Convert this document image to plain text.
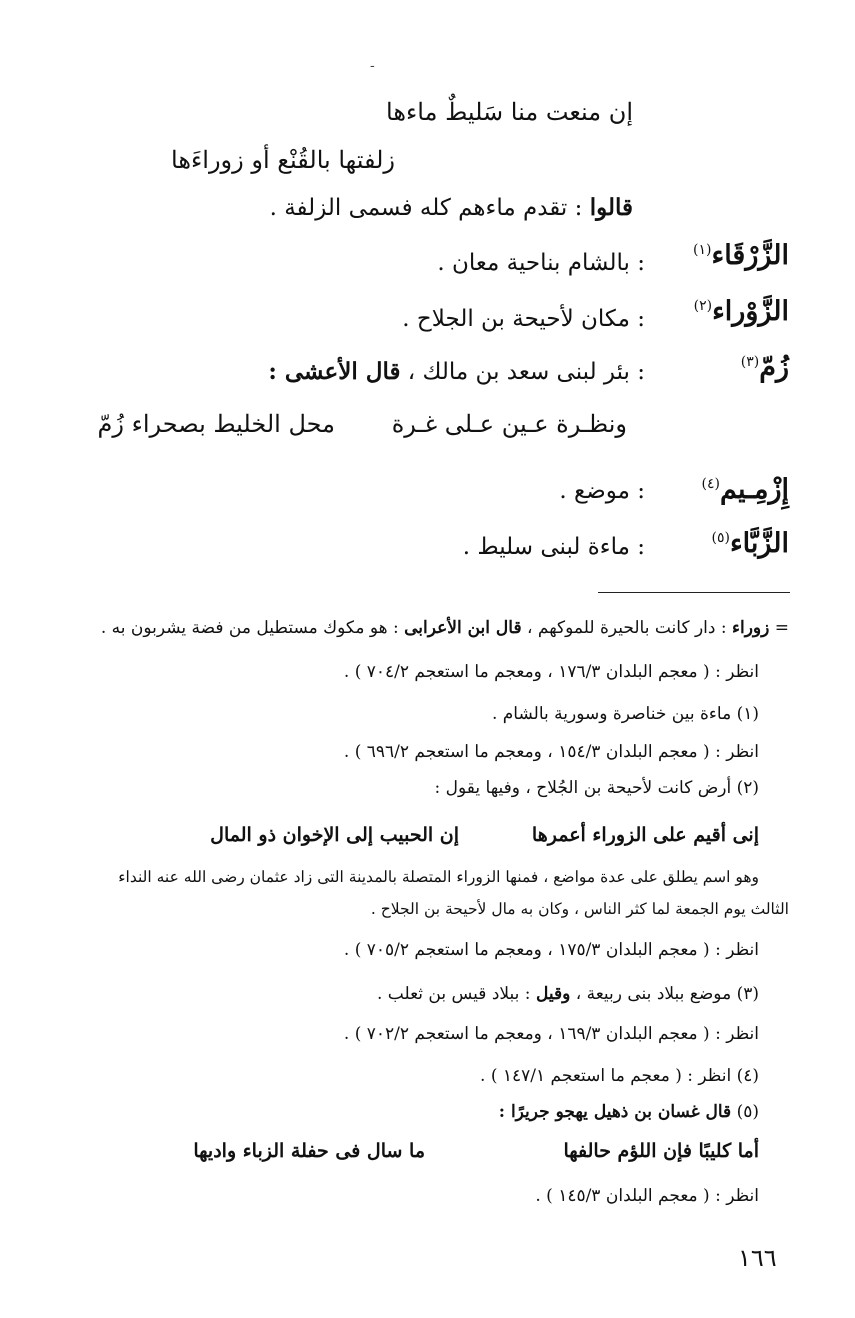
-
إن منعت منا سَليطٌ ماءها
زلفتها بالقُنْع أو زوراءَها
قالوا : تقدم ماءهم كله فسمى الزلفة .
الزَّرْقَاء$^{(١)}$
: بالشام بناحية معان .
الزَّوْراء$^{(٢)}$
: مكان لأحيحة بن الجلاح .
زُمّ$^{(٣)}$
: بئر لبنى سعد بن مالك ، قال الأعشى :
ونظـرة عـين عـلى غـرة
محل الخليط بصحراء زُمّ
إِزْمِـيم$^{(٤)}$
: موضع .
الزَّبَّاء$^{(٥)}$
: ماءة لبنى سليط .
= زوراء : دار كانت بالحيرة للموكهم ، قال ابن الأعرابى : هو مكوك مستطيل من فضة يشربون به .
انظر : ( معجم البلدان ١٧٦/٣ ، ومعجم ما استعجم ٧٠٤/٢ ) .
(١) ماءة بين خناصرة وسورية بالشام .
انظر : ( معجم البلدان ١٥٤/٣ ، ومعجم ما استعجم ٦٩٦/٢ ) .
(٢) أرض كانت لأحيحة بن الجُلاح ، وفيها يقول :
إنى أقيم على الزوراء أعمرها
إن الحبيب إلى الإخوان ذو المال
وهو اسم يطلق على عدة مواضع ، فمنها الزوراء المتصلة بالمدينة التى زاد عثمان رضى الله عنه النداء
الثالث يوم الجمعة لما كثر الناس ، وكان به مال لأحيحة بن الجلاح .
انظر : ( معجم البلدان ١٧٥/٣ ، ومعجم ما استعجم ٧٠٥/٢ ) .
(٣) موضع ببلاد بنى ربيعة ، وقيل : ببلاد قيس بن ثعلب .
انظر : ( معجم البلدان ١٦٩/٣ ، ومعجم ما استعجم ٧٠٢/٢ ) .
(٤) انظر : ( معجم ما استعجم ١٤٧/١ ) .
(٥) قال غسان بن ذهيل يهجو جريرًا :
أما كليبًا فإن اللؤم حالفها
ما سال فى حفلة الزباء واديها
انظر : ( معجم البلدان ١٤٥/٣ ) .
١٦٦
